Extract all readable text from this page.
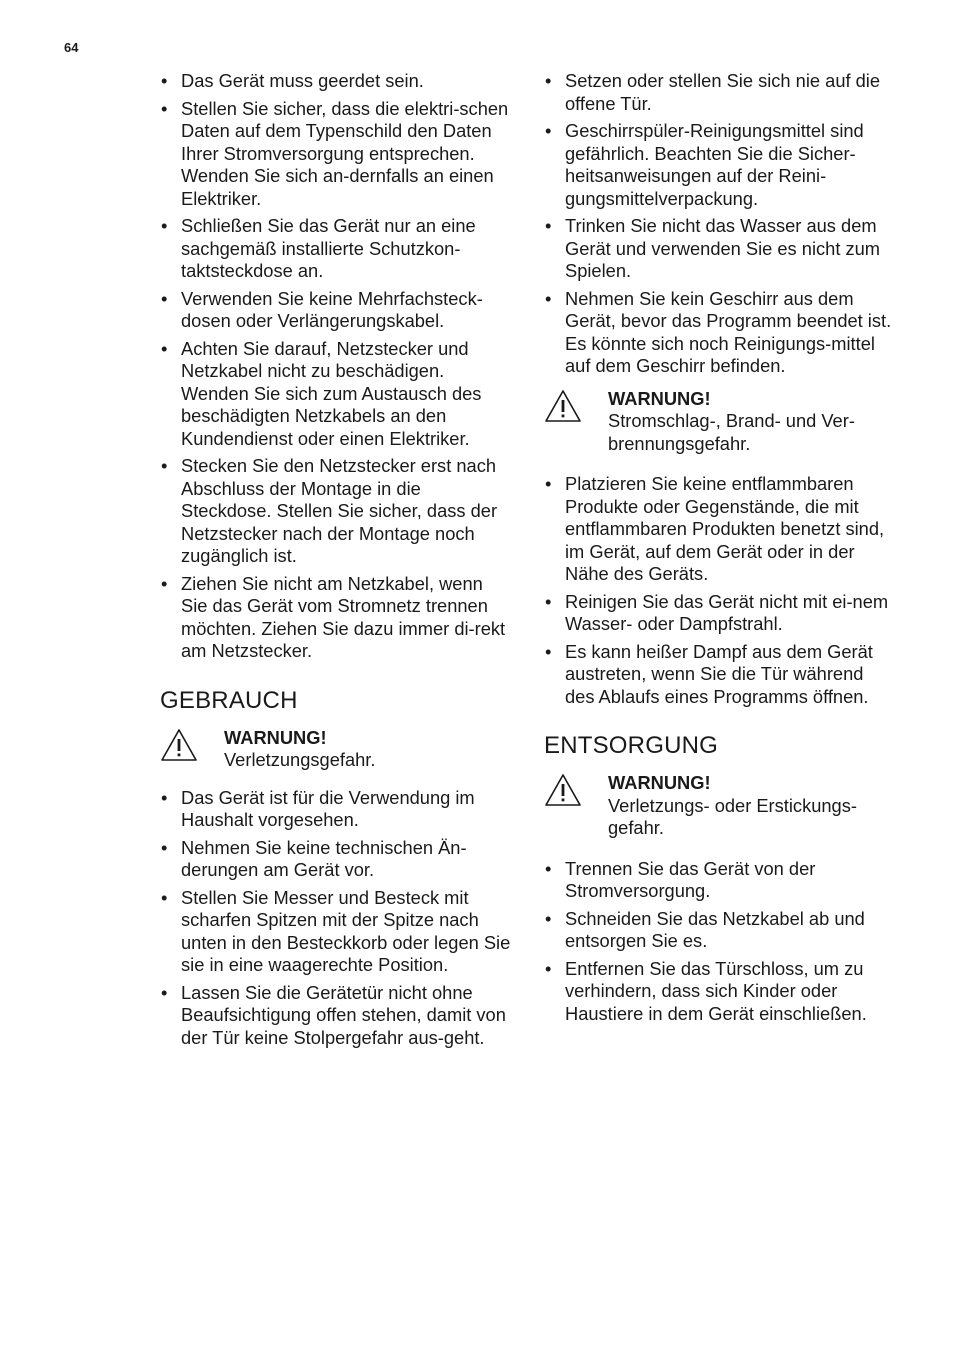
64
• Das Gerät muss geerdet sein.
• Stellen Sie sicher, dass die elektri-schen Daten auf dem Typenschild den Daten Ihrer Stromversorgung entsprechen. Wenden Sie sich an-dernfalls an einen Elektriker.
• Schließen Sie das Gerät nur an eine sachgemäß installierte Schutzkon-taktsteckdose an.
• Verwenden Sie keine Mehrfachsteck-dosen oder Verlängerungskabel.
• Achten Sie darauf, Netzstecker und Netzkabel nicht zu beschädigen. Wenden Sie sich zum Austausch des beschädigten Netzkabels an den Kundendienst oder einen Elektriker.
• Stecken Sie den Netzstecker erst nach Abschluss der Montage in die Steckdose. Stellen Sie sicher, dass der Netzstecker nach der Montage noch zugänglich ist.
• Ziehen Sie nicht am Netzkabel, wenn Sie das Gerät vom Stromnetz trennen möchten. Ziehen Sie dazu immer di-rekt am Netzstecker.
GEBRAUCH
WARNUNG!
Verletzungsgefahr.
• Das Gerät ist für die Verwendung im Haushalt vorgesehen.
• Nehmen Sie keine technischen Än-derungen am Gerät vor.
• Stellen Sie Messer und Besteck mit scharfen Spitzen mit der Spitze nach unten in den Besteckkorb oder legen Sie sie in eine waagerechte Position.
• Lassen Sie die Gerätetür nicht ohne Beaufsichtigung offen stehen, damit von der Tür keine Stolpergefahr aus-geht.
• Setzen oder stellen Sie sich nie auf die offene Tür.
• Geschirrspüler-Reinigungsmittel sind gefährlich. Beachten Sie die Sicher-heitsanweisungen auf der Reini-gungsmittelverpackung.
• Trinken Sie nicht das Wasser aus dem Gerät und verwenden Sie es nicht zum Spielen.
• Nehmen Sie kein Geschirr aus dem Gerät, bevor das Programm beendet ist. Es könnte sich noch Reinigungs-mittel auf dem Geschirr befinden.
WARNUNG!
Stromschlag-, Brand- und Ver-brennungsgefahr.
• Platzieren Sie keine entflammbaren Produkte oder Gegenstände, die mit entflammbaren Produkten benetzt sind, im Gerät, auf dem Gerät oder in der Nähe des Geräts.
• Reinigen Sie das Gerät nicht mit ei-nem Wasser- oder Dampfstrahl.
• Es kann heißer Dampf aus dem Gerät austreten, wenn Sie die Tür während des Ablaufs eines Programms öffnen.
ENTSORGUNG
WARNUNG!
Verletzungs- oder Erstickungs-gefahr.
• Trennen Sie das Gerät von der Stromversorgung.
• Schneiden Sie das Netzkabel ab und entsorgen Sie es.
• Entfernen Sie das Türschloss, um zu verhindern, dass sich Kinder oder Haustiere in dem Gerät einschließen.
